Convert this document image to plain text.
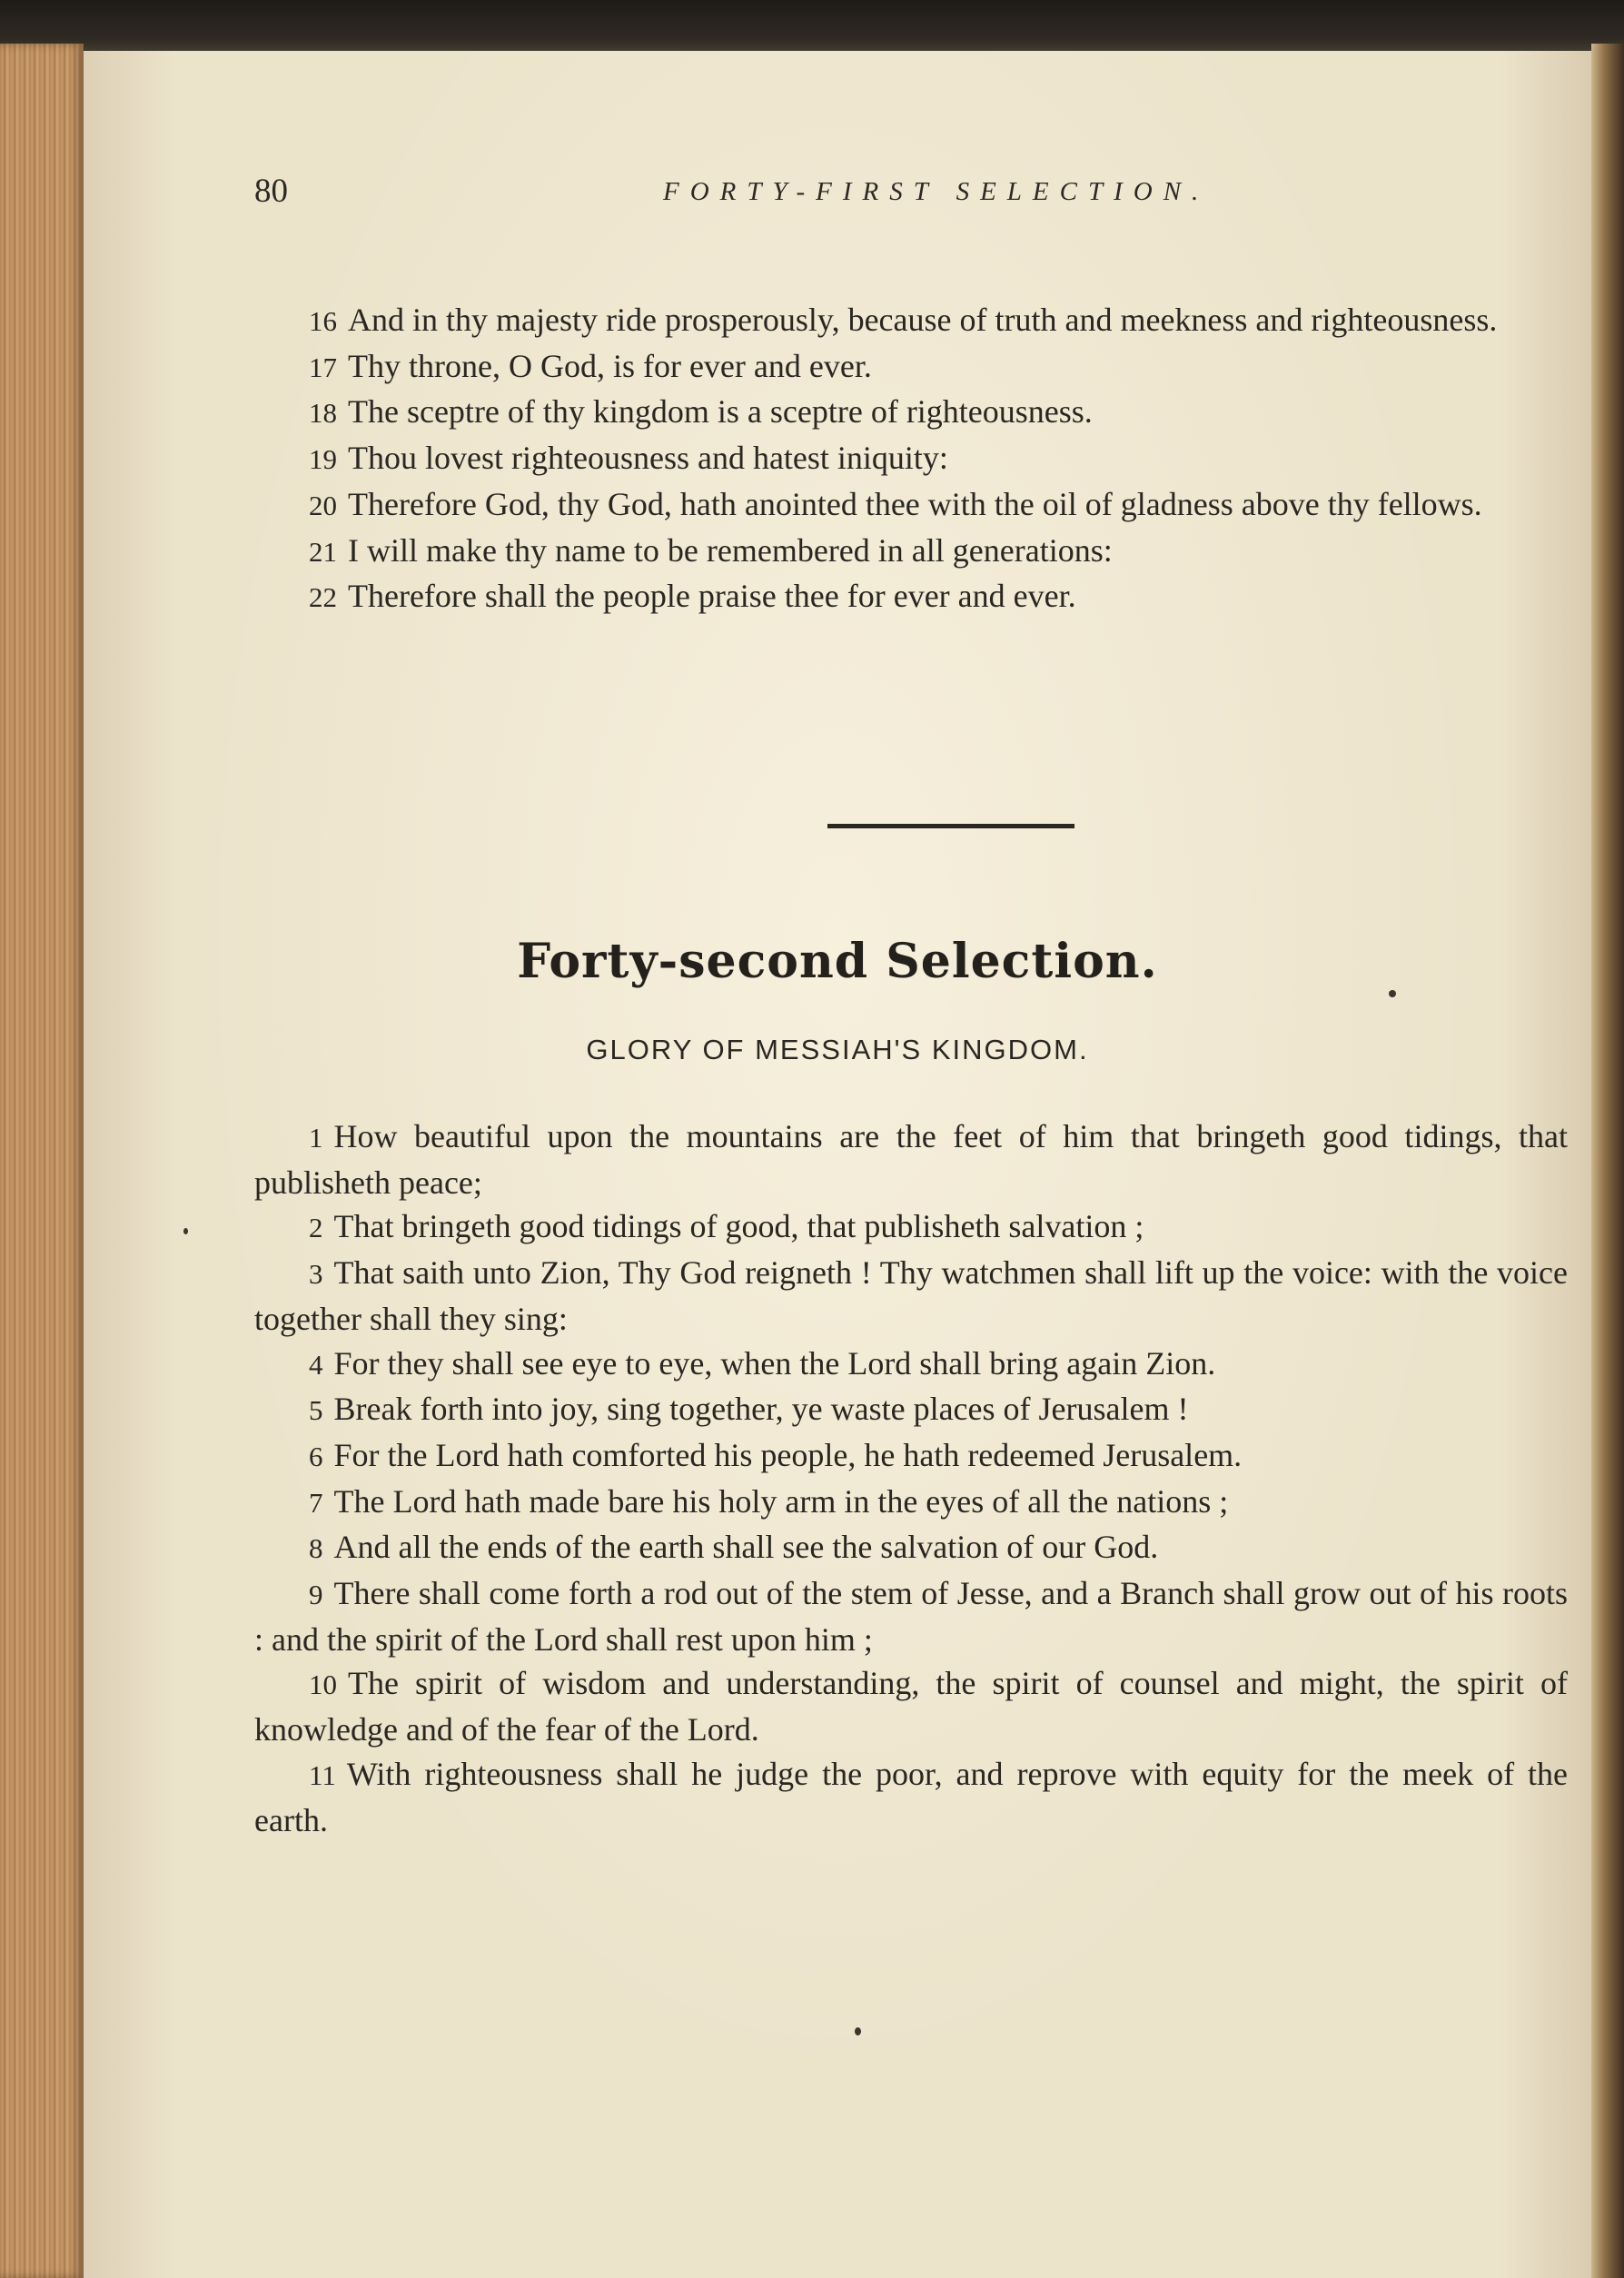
80	FORTY-FIRST SELECTION.

16 And in thy majesty ride prosperously, because of truth and meekness and righteousness.

17 Thy throne, O God, is for ever and ever.

18 The sceptre of thy kingdom is a sceptre of righteousness.

19 Thou lovest righteousness and hatest iniquity:

20 Therefore God, thy God, hath anointed thee with the oil of gladness above thy fellows.

21 I will make thy name to be remembered in all generations:

22 Therefore shall the people praise thee for ever and ever.

Forty-second Selection.
GLORY OF MESSIAH'S KINGDOM.

1 How beautiful upon the mountains are the feet of him that bringeth good tidings, that publisheth peace;

2 That bringeth good tidings of good, that publisheth salvation ;

3 That saith unto Zion, Thy God reigneth ! Thy watchmen shall lift up the voice: with the voice together shall they sing:

4 For they shall see eye to eye, when the Lord shall bring again Zion.

5 Break forth into joy, sing together, ye waste places of Jerusalem !

6 For the Lord hath comforted his people, he hath redeemed Jerusalem.

7 The Lord hath made bare his holy arm in the eyes of all the nations ;

8 And all the ends of the earth shall see the salvation of our God.

9 There shall come forth a rod out of the stem of Jesse, and a Branch shall grow out of his roots : and the spirit of the Lord shall rest upon him ;

10 The spirit of wisdom and understanding, the spirit of counsel and might, the spirit of knowledge and of the fear of the Lord.

11 With righteousness shall he judge the poor, and reprove with equity for the meek of the earth.
